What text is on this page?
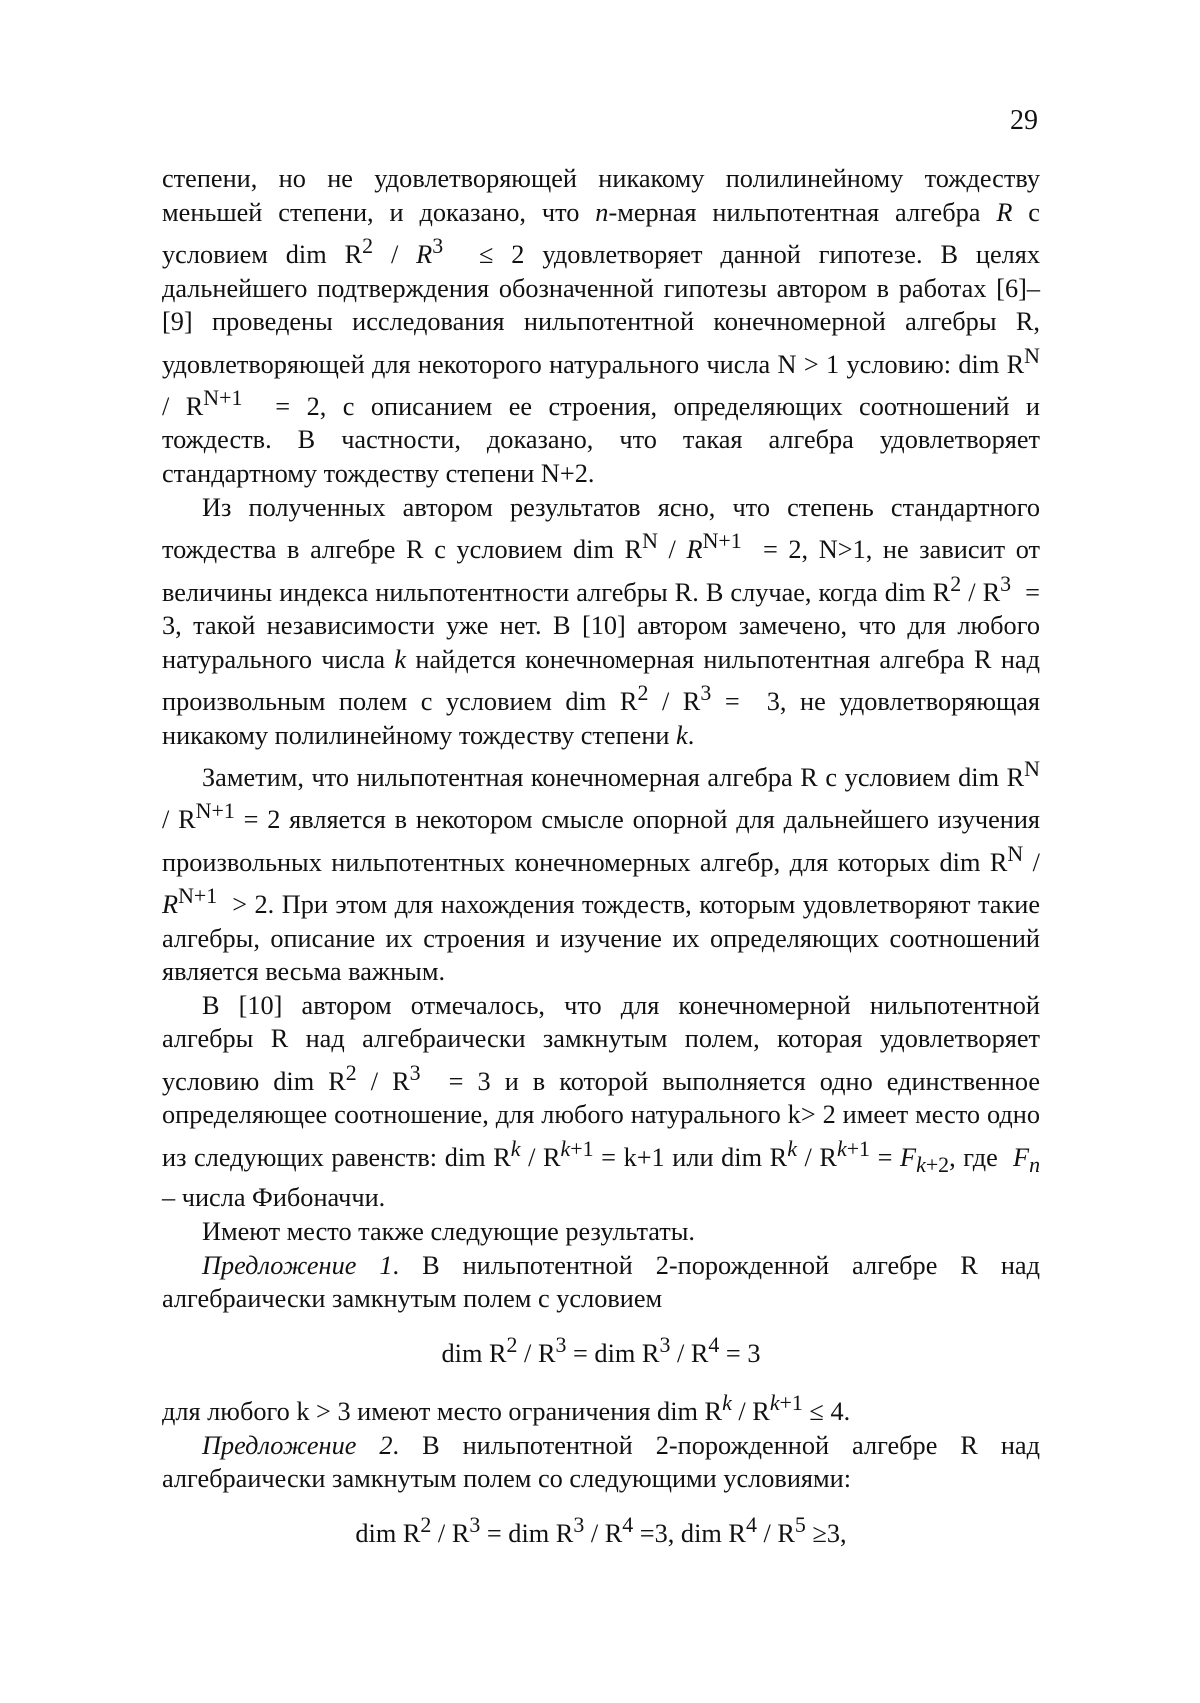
29

степени, но не удовлетворяющей никакому полилинейному тождеству меньшей степени, и доказано, что n-мерная нильпотентная алгебра R с условием dim $R^2 / R^3 \le 2$ удовлетворяет данной гипотезе. В целях дальнейшего подтверждения обозначенной гипотезы автором в работах [6]–[9] проведены исследования нильпотентной конечномерной алгебры R, удовлетворяющей для некоторого натурального числа N > 1 условию: dim $R^N / R^{N+1} = 2$, с описанием ее строения, определяющих соотношений и тождеств. В частности, доказано, что такая алгебра удовлетворяет стандартному тождеству степени N+2.

Из полученных автором результатов ясно, что степень стандартного тождества в алгебре R с условием dim $R^N / R^{N+1} = 2$, N>1, не зависит от величины индекса нильпотентности алгебры R. В случае, когда dim $R^2 / R^3 = 3$, такой независимости уже нет. В [10] автором замечено, что для любого натурального числа k найдется конечномерная нильпотентная алгебра R над произвольным полем с условием dim $R^2 / R^3 = 3$, не удовлетворяющая никакому полилинейному тождеству степени k.

Заметим, что нильпотентная конечномерная алгебра R с условием dim $R^N / R^{N+1} = 2$ является в некотором смысле опорной для дальнейшего изучения произвольных нильпотентных конечномерных алгебр, для которых dim $R^N / R^{N+1} > 2$. При этом для нахождения тождеств, которым удовлетворяют такие алгебры, описание их строения и изучение их определяющих соотношений является весьма важным.

В [10] автором отмечалось, что для конечномерной нильпотентной алгебры R над алгебраически замкнутым полем, которая удовлетворяет условию dim $R^2 / R^3 = 3$ и в которой выполняется одно единственное определяющее соотношение, для любого натурального k> 2 имеет место одно из следующих равенств: dim $R^k / R^{k+1} = k+1$ или dim $R^k / R^{k+1} = F_{k+2}$, где  $F_n$ – числа Фибоначчи.

Имеют место также следующие результаты.

Предложение 1. В нильпотентной 2-порожденной алгебре R над алгебраически замкнутым полем с условием

dim $R^2 / R^3$ = dim $R^3 / R^4 = 3$

для любого k > 3 имеют место ограничения dim $R^k / R^{k+1} \le 4$.

Предложение 2. В нильпотентной 2-порожденной алгебре R над алгебраически замкнутым полем со следующими условиями:

dim $R^2 / R^3$ = dim $R^3 / R^4 =3$, dim $R^4 / R^5 \ge 3$,
